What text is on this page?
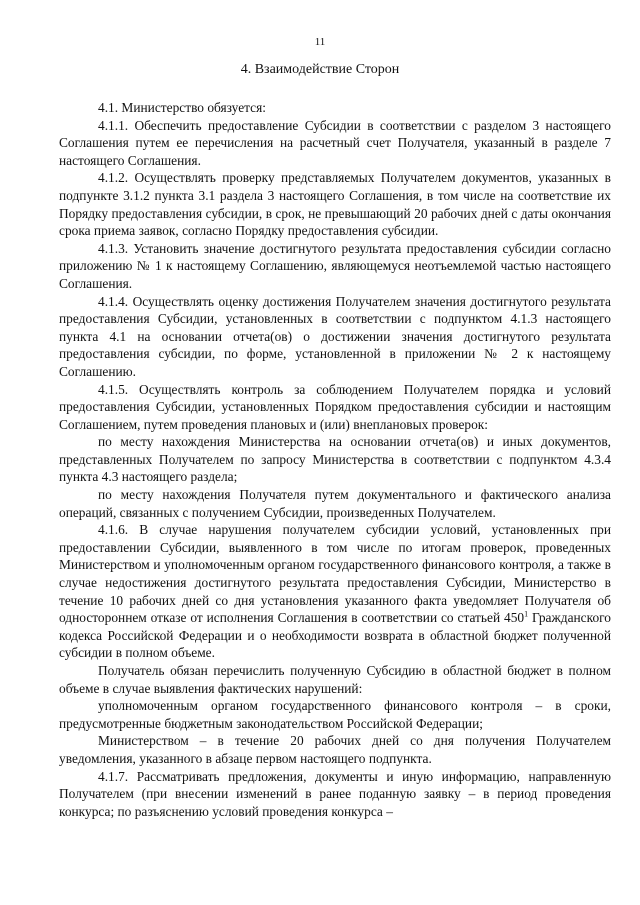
11
4. Взаимодействие Сторон

4.1. Министерство обязуется:

4.1.1. Обеспечить предоставление Субсидии в соответствии с разделом 3 настоящего Соглашения путем ее перечисления на расчетный счет Получателя, указанный в разделе 7 настоящего Соглашения.

4.1.2. Осуществлять проверку представляемых Получателем документов, указанных в подпункте 3.1.2 пункта 3.1 раздела 3 настоящего Соглашения, в том числе на соответствие их Порядку предоставления субсидии, в срок, не превышающий 20 рабочих дней с даты окончания срока приема заявок, согласно Порядку предоставления субсидии.

4.1.3. Установить значение достигнутого результата предоставления субсидии согласно приложению № 1 к настоящему Соглашению, являющемуся неотъемлемой частью настоящего Соглашения.

4.1.4. Осуществлять оценку достижения Получателем значения достигнутого результата предоставления Субсидии, установленных в соответствии с подпунктом 4.1.3 настоящего пункта 4.1 на основании отчета(ов) о достижении значения достигнутого результата предоставления субсидии, по форме, установленной в приложении № 2 к настоящему Соглашению.

4.1.5. Осуществлять контроль за соблюдением Получателем порядка и условий предоставления Субсидии, установленных Порядком предоставления субсидии и настоящим Соглашением, путем проведения плановых и (или) внеплановых проверок:

по месту нахождения Министерства на основании отчета(ов) и иных документов, представленных Получателем по запросу Министерства в соответствии с подпунктом 4.3.4 пункта 4.3 настоящего раздела;

по месту нахождения Получателя путем документального и фактического анализа операций, связанных с получением Субсидии, произведенных Получателем.

4.1.6. В случае нарушения получателем субсидии условий, установленных при предоставлении Субсидии, выявленного в том числе по итогам проверок, проведенных Министерством и уполномоченным органом государственного финансового контроля, а также в случае недостижения достигнутого результата предоставления Субсидии, Министерство в течение 10 рабочих дней со дня установления указанного факта уведомляет Получателя об одностороннем отказе от исполнения Соглашения в соответствии со статьей $450^1$ Гражданского кодекса Российской Федерации и о необходимости возврата в областной бюджет полученной субсидии в полном объеме.

Получатель обязан перечислить полученную Субсидию в областной бюджет в полном объеме в случае выявления фактических нарушений:

уполномоченным органом государственного финансового контроля – в сроки, предусмотренные бюджетным законодательством Российской Федерации;

Министерством – в течение 20 рабочих дней со дня получения Получателем уведомления, указанного в абзаце первом настоящего подпункта.

4.1.7. Рассматривать предложения, документы и иную информацию, направленную Получателем (при внесении изменений в ранее поданную заявку – в период проведения конкурса; по разъяснению условий проведения конкурса –
